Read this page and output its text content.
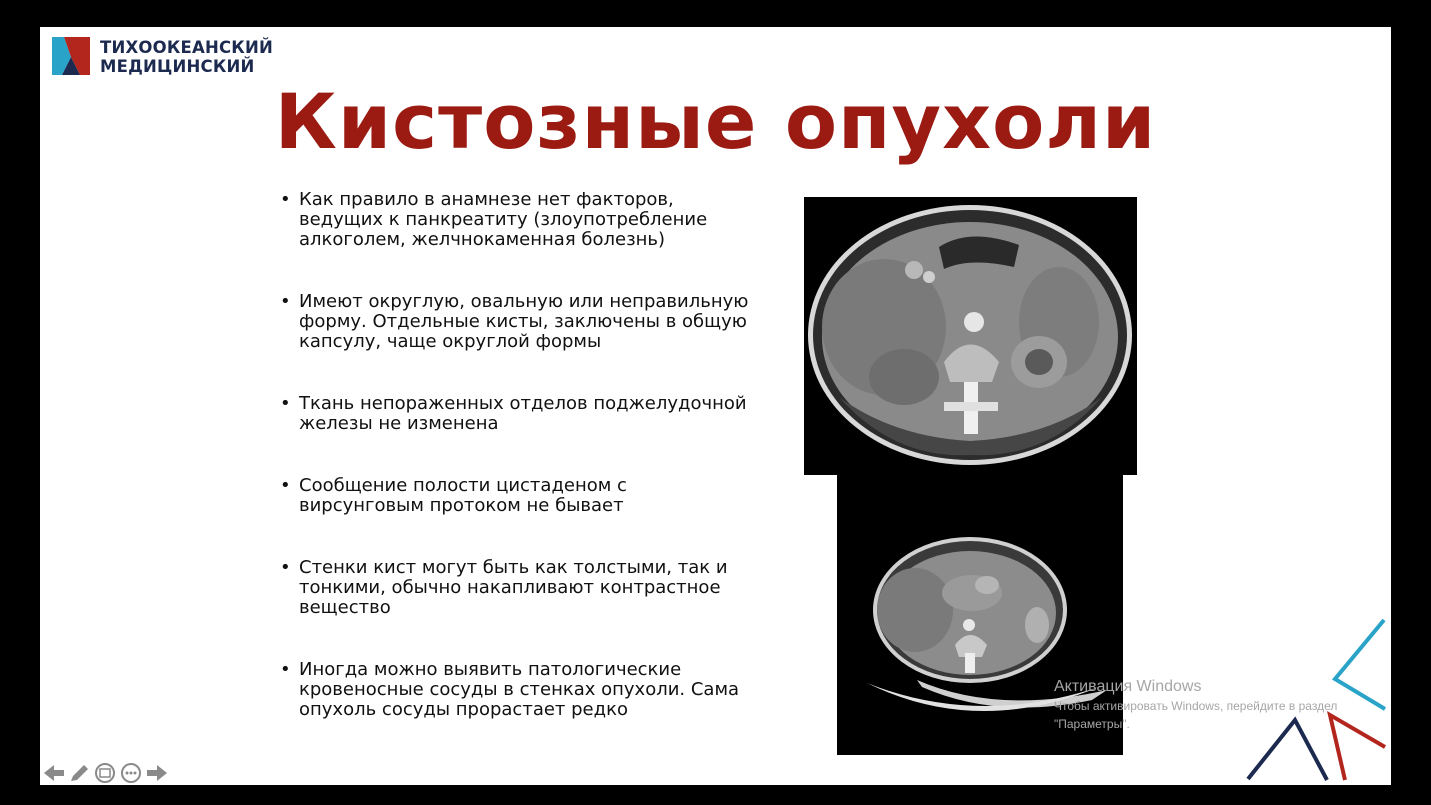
ТИХООКЕАНСКИЙ
МЕДИЦИНСКИЙ
Кистозные опухоли
• Как правило в анамнезе нет факторов,
ведущих к панкреатиту (злоупотребление
алкоголем, желчнокаменная болезнь)
• Имеют округлую, овальную или неправильную
форму. Отдельные кисты, заключены в общую
капсулу, чаще округлой формы
• Ткань непораженных отделов поджелудочной
железы не изменена
• Сообщение полости цистаденом с
вирсунговым протоком не бывает
• Стенки кист могут быть как толстыми, так и
тонкими, обычно накапливают контрастное
вещество
• Иногда можно выявить патологические
кровеносные сосуды в стенках опухоли. Сама
опухоль сосуды прорастает редко
Активация Windows
Чтобы активировать Windows, перейдите в раздел
"Параметры".
